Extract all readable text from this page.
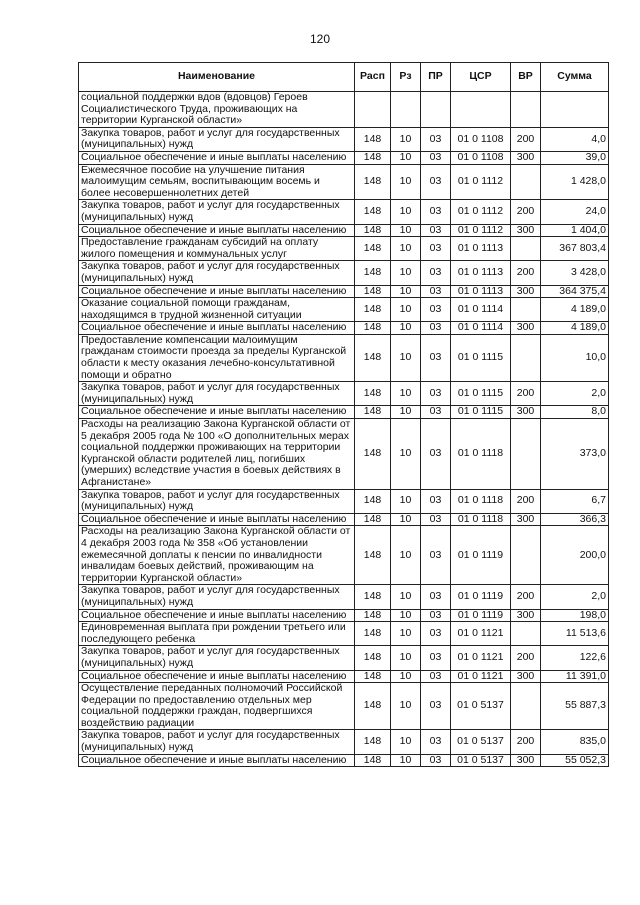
120
Наименование	Расп	Рз	ПР	ЦСР	ВР	Сумма
социальной поддержки вдов (вдовцов) Героев Социалистического Труда, проживающих на территории Курганской области»						
Закупка товаров, работ и услуг для государственных (муниципальных) нужд	148	10	03	01 0 1108	200	4,0
Социальное обеспечение и иные выплаты населению	148	10	03	01 0 1108	300	39,0
Ежемесячное пособие на улучшение питания малоимущим семьям, воспитывающим восемь и более несовершеннолетних детей	148	10	03	01 0 1112		1 428,0
Закупка товаров, работ и услуг для государственных (муниципальных) нужд	148	10	03	01 0 1112	200	24,0
Социальное обеспечение и иные выплаты населению	148	10	03	01 0 1112	300	1 404,0
Предоставление гражданам субсидий на оплату жилого помещения и коммунальных услуг	148	10	03	01 0 1113		367 803,4
Закупка товаров, работ и услуг для государственных (муниципальных) нужд	148	10	03	01 0 1113	200	3 428,0
Социальное обеспечение и иные выплаты населению	148	10	03	01 0 1113	300	364 375,4
Оказание социальной помощи гражданам, находящимся в трудной жизненной ситуации	148	10	03	01 0 1114		4 189,0
Социальное обеспечение и иные выплаты населению	148	10	03	01 0 1114	300	4 189,0
Предоставление компенсации малоимущим гражданам стоимости проезда за пределы Курганской области к месту оказания лечебно-консультативной помощи и обратно	148	10	03	01 0 1115		10,0
Закупка товаров, работ и услуг для государственных (муниципальных) нужд	148	10	03	01 0 1115	200	2,0
Социальное обеспечение и иные выплаты населению	148	10	03	01 0 1115	300	8,0
Расходы на реализацию Закона Курганской области от 5 декабря 2005 года № 100 «О дополнительных мерах социальной поддержки проживающих на территории Курганской области родителей лиц, погибших (умерших) вследствие участия в боевых действиях в Афганистане»	148	10	03	01 0 1118		373,0
Закупка товаров, работ и услуг для государственных (муниципальных) нужд	148	10	03	01 0 1118	200	6,7
Социальное обеспечение и иные выплаты населению	148	10	03	01 0 1118	300	366,3
Расходы на реализацию Закона Курганской области от 4 декабря 2003 года № 358 «Об установлении ежемесячной доплаты к пенсии по инвалидности инвалидам боевых действий, проживающим на территории Курганской области»	148	10	03	01 0 1119		200,0
Закупка товаров, работ и услуг для государственных (муниципальных) нужд	148	10	03	01 0 1119	200	2,0
Социальное обеспечение и иные выплаты населению	148	10	03	01 0 1119	300	198,0
Единовременная выплата при рождении третьего или последующего ребенка	148	10	03	01 0 1121		11 513,6
Закупка товаров, работ и услуг для государственных (муниципальных) нужд	148	10	03	01 0 1121	200	122,6
Социальное обеспечение и иные выплаты населению	148	10	03	01 0 1121	300	11 391,0
Осуществление переданных полномочий Российской Федерации по предоставлению отдельных мер социальной поддержки граждан, подвергшихся воздействию радиации	148	10	03	01 0 5137		55 887,3
Закупка товаров, работ и услуг для государственных (муниципальных) нужд	148	10	03	01 0 5137	200	835,0
Социальное обеспечение и иные выплаты населению	148	10	03	01 0 5137	300	55 052,3
